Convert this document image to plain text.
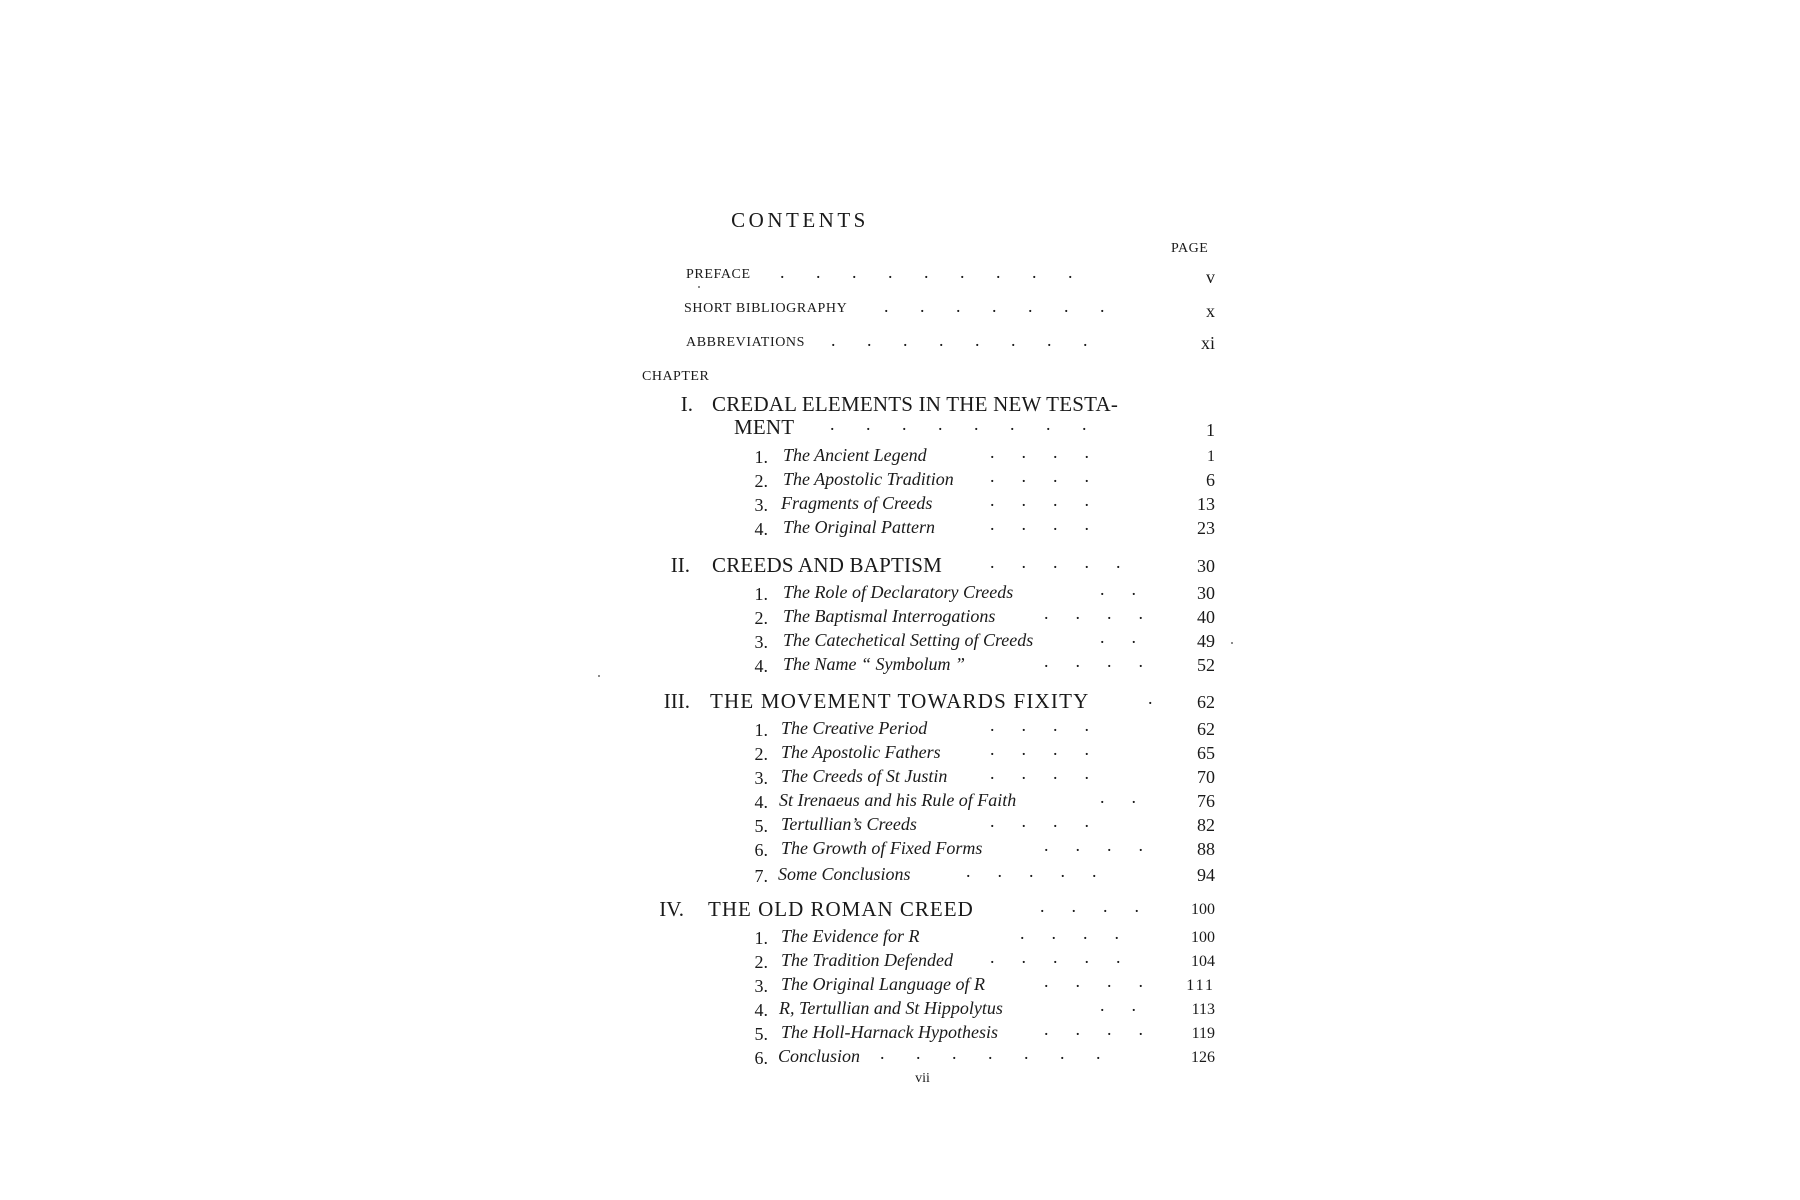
CONTENTS
PAGE
PREFACE .       .       .       .       .       .       .       .       .	v
SHORT BIBLIOGRAPHY .       .       .       .       .       .       .	x
ABBREVIATIONS .       .       .       .       .       .       .       .	xi
CHAPTER
I. CREDAL ELEMENTS IN THE NEW TESTA-
MENT .       .       .       .       .       .       .       .	1
1. The Ancient Legend	.      .      .      .	1
2. The Apostolic Tradition .      .      .      .	6
3. Fragments of Creeds	.      .      .      .	13
4. The Original Pattern	.      .      .      .	23
II. CREEDS AND BAPTISM	.      .      .      .      .	30
1. The Role of Declaratory Creeds	.      .	30
2. The Baptismal Interrogations	.      .      .      .	40
3. The Catechetical Setting of Creeds	.      .	49
4. The Name “ Symbolum ”	.      .      .      .	52
III. THE MOVEMENT TOWARDS FIXITY	.	62
1. The Creative Period	.      .      .      .	62
2. The Apostolic Fathers	.      .      .      .	65
3. The Creeds of St Justin .      .      .      .	70
4. St Irenaeus and his Rule of Faith	.      .	76
5. Tertullian’s Creeds	.      .      .      .	82
6. The Growth of Fixed Forms	.      .      .      .	88
7. Some Conclusions	.      .      .      .      .	94
IV. THE OLD ROMAN CREED	.      .      .      .	100
1. The Evidence for R	.      .      .      .	100
2. The Tradition Defended .      .      .      .      .	104
3. The Original Language of R	.      .      .      .	111
4. R, Tertullian and St Hippolytus	.      .	113
5. The Holl-Harnack Hypothesis	.      .      .      .	119
6. Conclusion .       .       .       .       .       .       .	126
vii
